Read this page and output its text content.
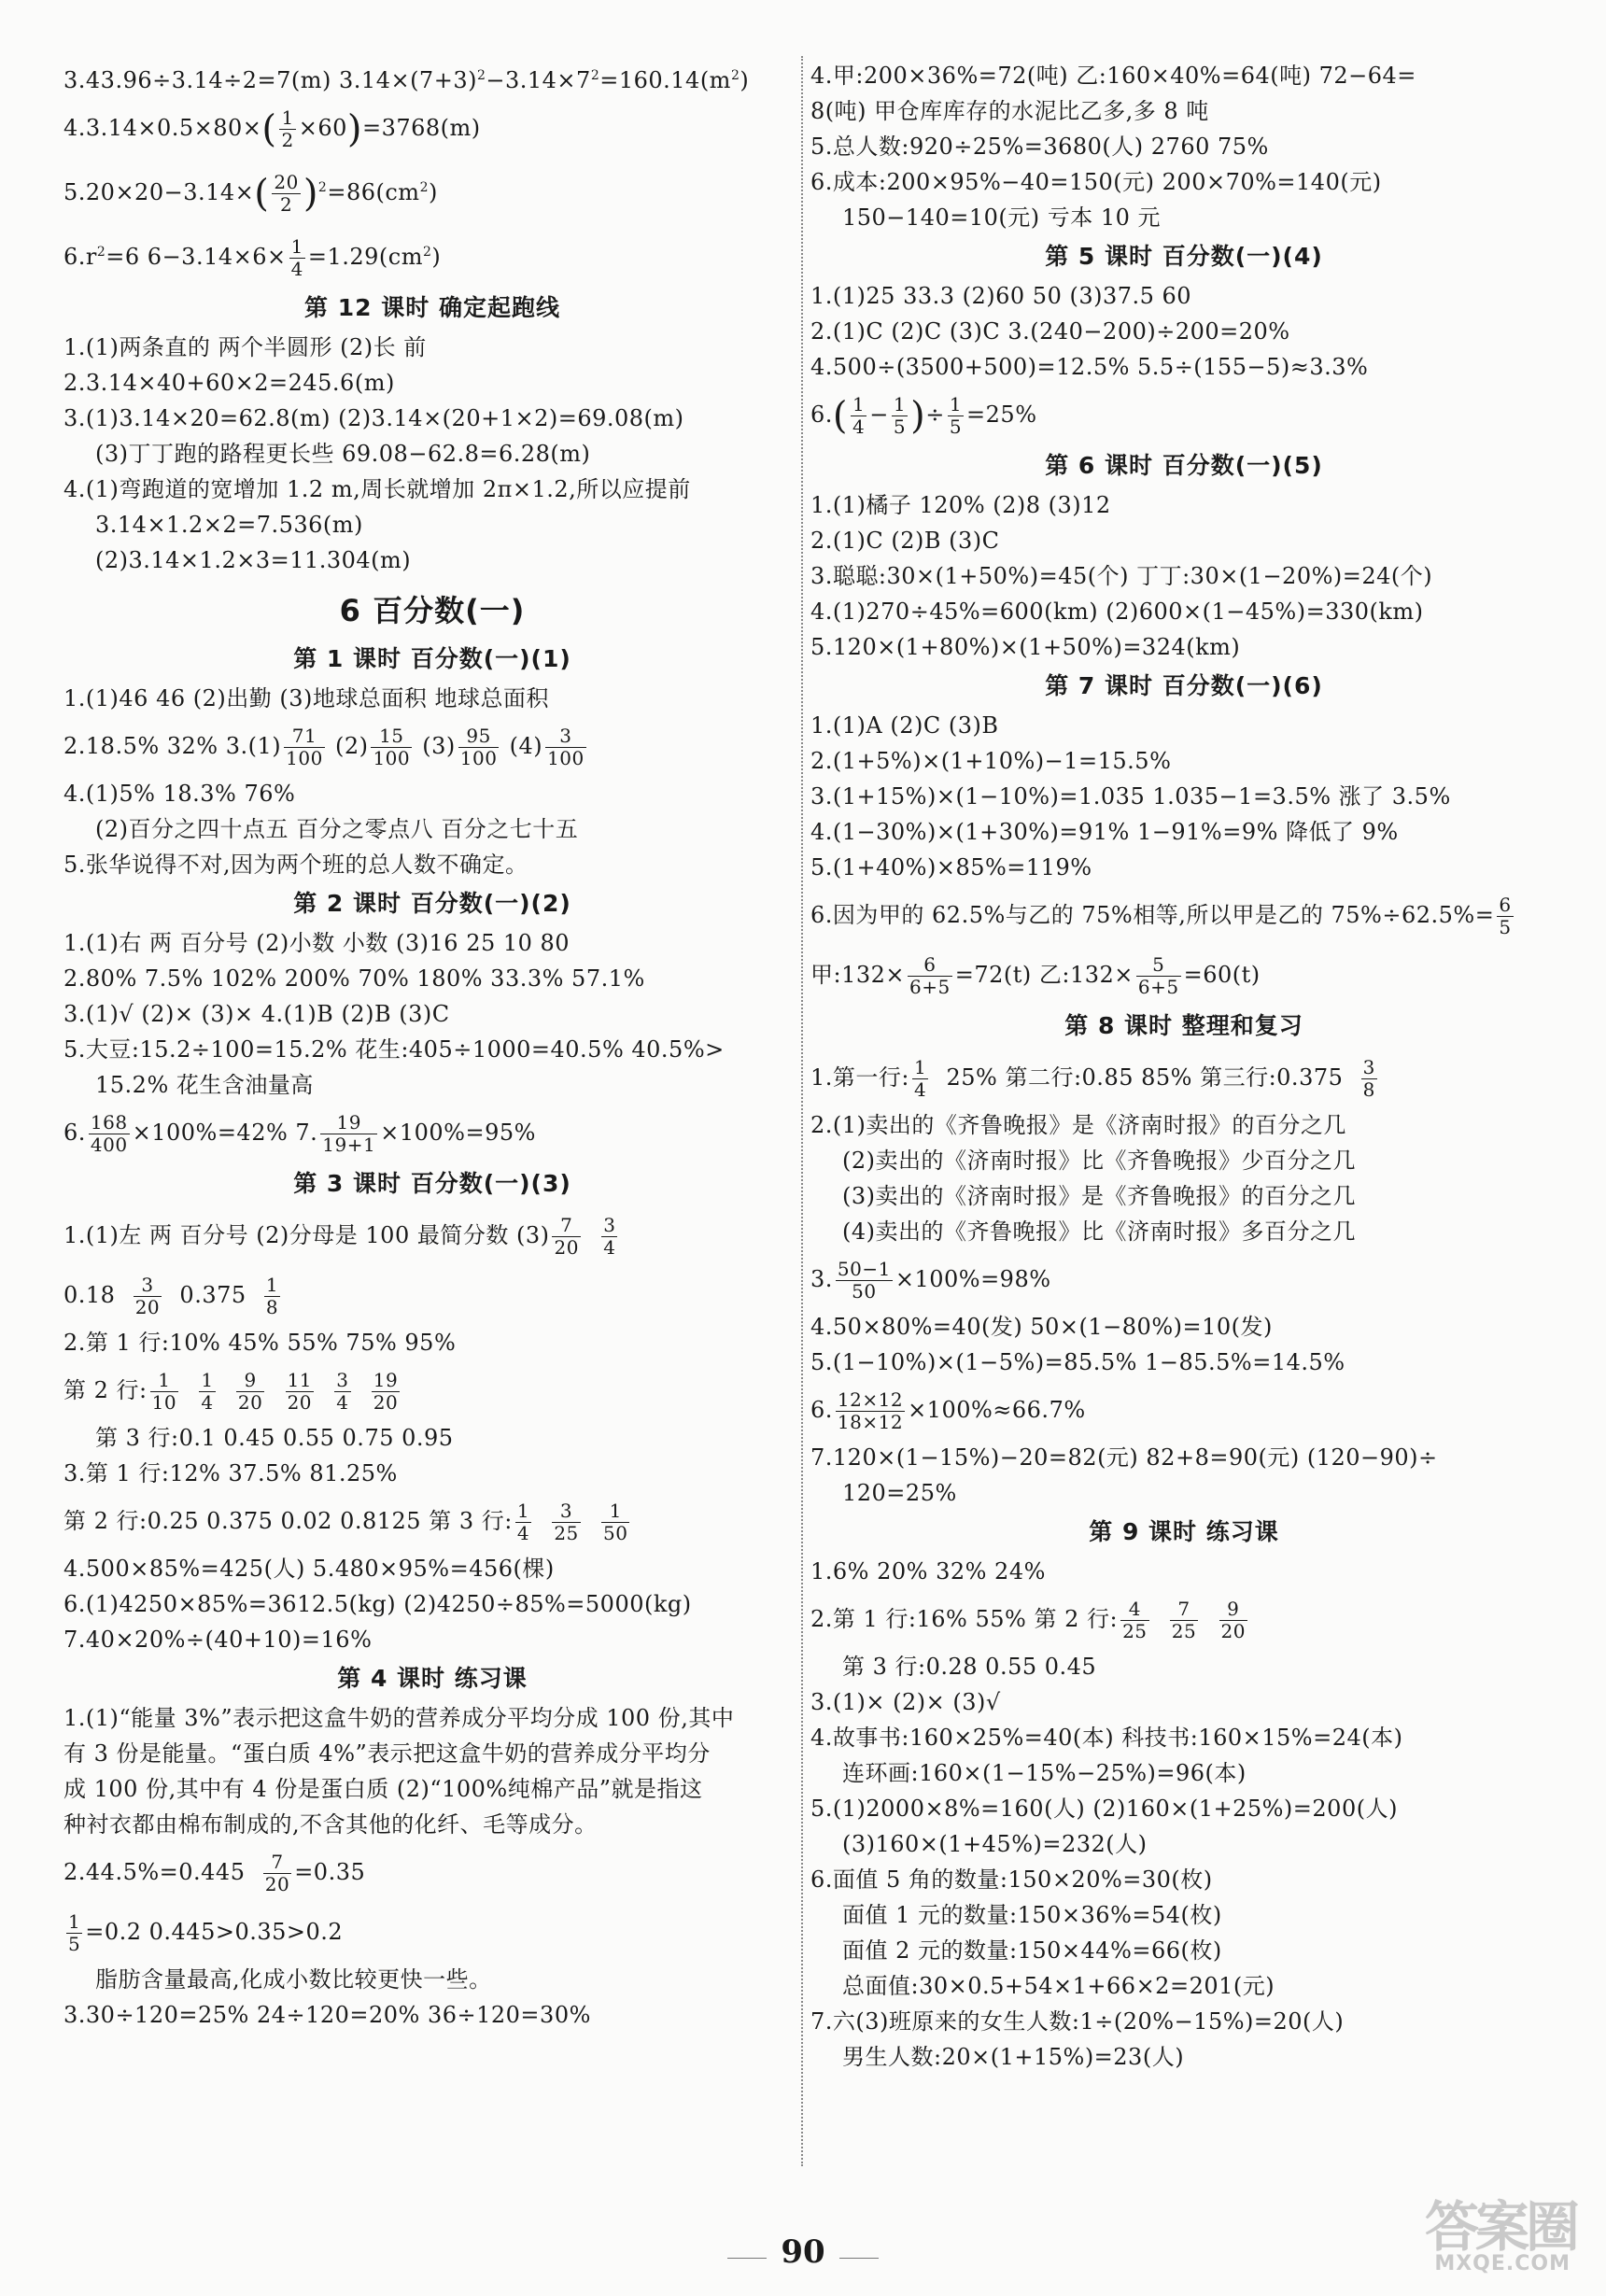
3.43.96÷3.14÷2=7(m) $3.14\times(7+3)^2-3.14\times 7^2=160.14(m^2)$
$4.3.14\times 0.5\times 80\times( \frac{1}{2} \times 60)=3768(m)$
$5.20\times 20-3.14\times( \frac{20}{2} )^2=86(cm^2)$
$6.r^2=6$ $6-3.14\times 6\times \frac{1}{4} =1.29(cm^2)$
第 12 课时 确定起跑线
1.(1)两条直的 两个半圆形 (2)长 前
2.3.14×40+60×2=245.6(m)
3.(1)3.14×20=62.8(m) (2)3.14×(20+1×2)=69.08(m)
(3)丁丁跑的路程更长些 69.08−62.8=6.28(m)
4.(1)弯跑道的宽增加 1.2 m,周长就增加 2π×1.2,所以应提前
3.14×1.2×2=7.536(m)
(2)3.14×1.2×3=11.304(m)
6 百分数(一)
第 1 课时 百分数(一)(1)
1.(1)46 46 (2)出勤 (3)地球总面积 地球总面积
2.18.5% 32% $3.(1) \frac{71}{100} (2) \frac{15}{100} (3) \frac{95}{100} (4) \frac{3}{100}$
4.(1)5% 18.3% 76%
(2)百分之四十点五 百分之零点八 百分之七十五
5.张华说得不对,因为两个班的总人数不确定。
第 2 课时 百分数(一)(2)
1.(1)右 两 百分号 (2)小数 小数 (3)16 25 10 80
2.80% 7.5% 102% 200% 70% 180% 33.3% 57.1%
3.(1)√ (2)× (3)× 4.(1)B (2)B (3)C
5.大豆:15.2÷100=15.2% 花生:405÷1000=40.5% 40.5%>
15.2% 花生含油量高
6. $\frac{168}{400} \times 100\%=42\%$ 7. $\frac{19}{19+1} \times 100\%=95\%$
第 3 课时 百分数(一)(3)
1.(1)左 两 百分号 (2)分母是 100 最简分数 $(3) \frac{7}{20}$
$\frac{3}{4}$
$0.18 \frac{3}{20} 0.375 \frac{1}{8}$
2.第 1 行:10% 45% 55% 75% 95%
第 2 行: $\frac{1}{10}$
$\frac{1}{4}$
$\frac{9}{20}$
$\frac{11}{20}$
$\frac{3}{4}$
$\frac{19}{20}$
第 3 行:0.1 0.45 0.55 0.75 0.95
3.第 1 行:12% 37.5% 81.25%
第 2 行:0.25 0.375 0.02 0.8125 第 3 行: $\frac{1}{4}$
$\frac{3}{25}$
$\frac{1}{50}$
4.500×85%=425(人) 5.480×95%=456(棵)
6.(1)4250×85%=3612.5(kg) (2)4250÷85%=5000(kg)
7.40×20%÷(40+10)=16%
第 4 课时 练习课
1.(1)“能量 3%”表示把这盒牛奶的营养成分平均分成 100 份,其中
有 3 份是能量。“蛋白质 4%”表示把这盒牛奶的营养成分平均分
成 100 份,其中有 4 份是蛋白质 (2)“100%纯棉产品”就是指这
种衬衣都由棉布制成的,不含其他的化纤、毛等成分。
$2.44.5\%=0.445 \frac{7}{20} =0.35$
$\frac{1}{5} =0.2$ 0.445>0.35>0.2
脂肪含量最高,化成小数比较更快一些。
3.30÷120=25% 24÷120=20% 36÷120=30%
4.甲:200×36%=72(吨) 乙:160×40%=64(吨) 72−64=
8(吨) 甲仓库库存的水泥比乙多,多 8 吨
5.总人数:920÷25%=3680(人) 2760 75%
6.成本:200×95%−40=150(元) 200×70%=140(元)
150−140=10(元) 亏本 10 元
第 5 课时 百分数(一)(4)
1.(1)25 33.3 (2)60 50 (3)37.5 60
2.(1)C (2)C (3)C 3.(240−200)÷200=20%
4.500÷(3500+500)=12.5% 5.5÷(155−5)≈3.3%
$6.( \frac{1}{4} - \frac{1}{5}$ )÷ $\frac{1}{5} =25\%$
第 6 课时 百分数(一)(5)
1.(1)橘子 120% (2)8 (3)12
2.(1)C (2)B (3)C
3.聪聪:30×(1+50%)=45(个) 丁丁:30×(1−20%)=24(个)
4.(1)270÷45%=600(km) (2)600×(1−45%)=330(km)
5.120×(1+80%)×(1+50%)=324(km)
第 7 课时 百分数(一)(6)
1.(1)A (2)C (3)B
2.(1+5%)×(1+10%)−1=15.5%
3.(1+15%)×(1−10%)=1.035 1.035−1=3.5% 涨了 3.5%
4.(1−30%)×(1+30%)=91% 1−91%=9% 降低了 9%
5.(1+40%)×85%=119%
6.因为甲的 62.5%与乙的 75%相等,所以甲是乙的 $75\%\div 62.5\%= \frac{6}{5}$
甲:132× $\frac{6}{6+5} =72(t)$ 乙:132× $\frac{5}{6+5} =60(t)$
第 8 课时 整理和复习
1.第一行: $\frac{1}{4} 25\%$ 第二行:0.85 85% 第三行:0.375 $\frac{3}{8}$
2.(1)卖出的《齐鲁晚报》是《济南时报》的百分之几
(2)卖出的《济南时报》比《齐鲁晚报》少百分之几
(3)卖出的《济南时报》是《齐鲁晚报》的百分之几
(4)卖出的《齐鲁晚报》比《济南时报》多百分之几
3. $\frac{50-1}{50} \times 100\%=98\%$
4.50×80%=40(发) 50×(1−80%)=10(发)
5.(1−10%)×(1−5%)=85.5% 1−85.5%=14.5%
6. $\frac{12\times 12}{18\times 12} \times 100\%\approx 66.7\%$
7.120×(1−15%)−20=82(元) 82+8=90(元) (120−90)÷
120=25%
第 9 课时 练习课
1.6% 20% 32% 24%
2.第 1 行:16% 55% 第 2 行: $\frac{4}{25}$
$\frac{7}{25}$
$\frac{9}{20}$
第 3 行:0.28 0.55 0.45
3.(1)× (2)× (3)√
4.故事书:160×25%=40(本) 科技书:160×15%=24(本)
连环画:160×(1−15%−25%)=96(本)
5.(1)2000×8%=160(人) (2)160×(1+25%)=200(人)
(3)160×(1+45%)=232(人)
6.面值 5 角的数量:150×20%=30(枚)
面值 1 元的数量:150×36%=54(枚)
面值 2 元的数量:150×44%=66(枚)
总面值:30×0.5+54×1+66×2=201(元)
7.六(3)班原来的女生人数:1÷(20%−15%)=20(人)
男生人数:20×(1+15%)=23(人)
90	答案圈
MXQE.COM
